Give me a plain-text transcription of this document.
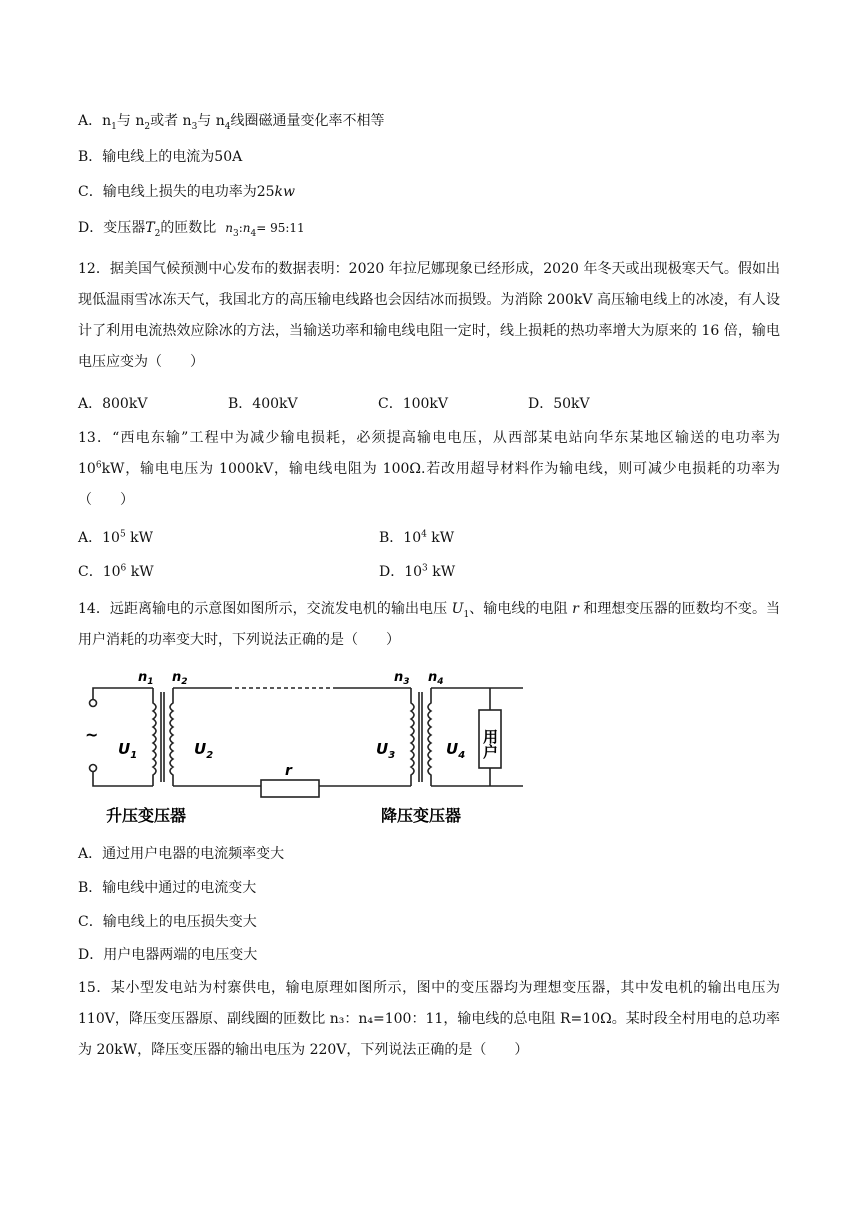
A．$n_1$与 $n_2$或者 $n_3$与 $n_4$线圈磁通量变化率不相等
B．输电线上的电流为50A
C．输电线上损失的电功率为25kw
D．变压器$T_2$的匝数比 $n_3:n_4=$ 95:11
12．据美国气候预测中心发布的数据表明：2020 年拉尼娜现象已经形成，2020 年冬天或出现极寒天气。假如出现低温雨雪冰冻天气，我国北方的高压输电线路也会因结冰而损毁。为消除 200kV 高压输电线上的冰凌，有人设计了利用电流热效应除冰的方法，当输送功率和输电线电阻一定时，线上损耗的热功率增大为原来的 16 倍，输电电压应变为（　　）
A．800kV	B．400kV	C．100kV	D．50kV
13．“西电东输”工程中为减少输电损耗，必须提高输电电压，从西部某电站向华东某地区输送的电功率为 $10^6kW$，输电电压为 1000kV，输电线电阻为 100Ω.若改用超导材料作为输电线，则可减少电损耗的功率为（　　）
A．$10^5$ kW	B．$10^4$ kW
C．$10^6$ kW	D．$10^3$ kW
14．远距离输电的示意图如图所示，交流发电机的输出电压 $U_1$、输电线的电阻 r 和理想变压器的匝数均不变。当用户消耗的功率变大时，下列说法正确的是（　　）
$n_1$ $n_2$	$n_3$ $n_4$
~
$U_1$	$U_2$	$U_3$	$U_4$
r
用户
升压变压器	降压变压器
A．通过用户电器的电流频率变大
B．输电线中通过的电流变大
C．输电线上的电压损失变大
D．用户电器两端的电压变大
15．某小型发电站为村寨供电，输电原理如图所示，图中的变压器均为理想变压器，其中发电机的输出电压为 110V，降压变压器原、副线圈的匝数比 n₃：n₄=100：11，输电线的总电阻 R=10Ω。某时段全村用电的总功率为 20kW，降压变压器的输出电压为 220V，下列说法正确的是（　　）
